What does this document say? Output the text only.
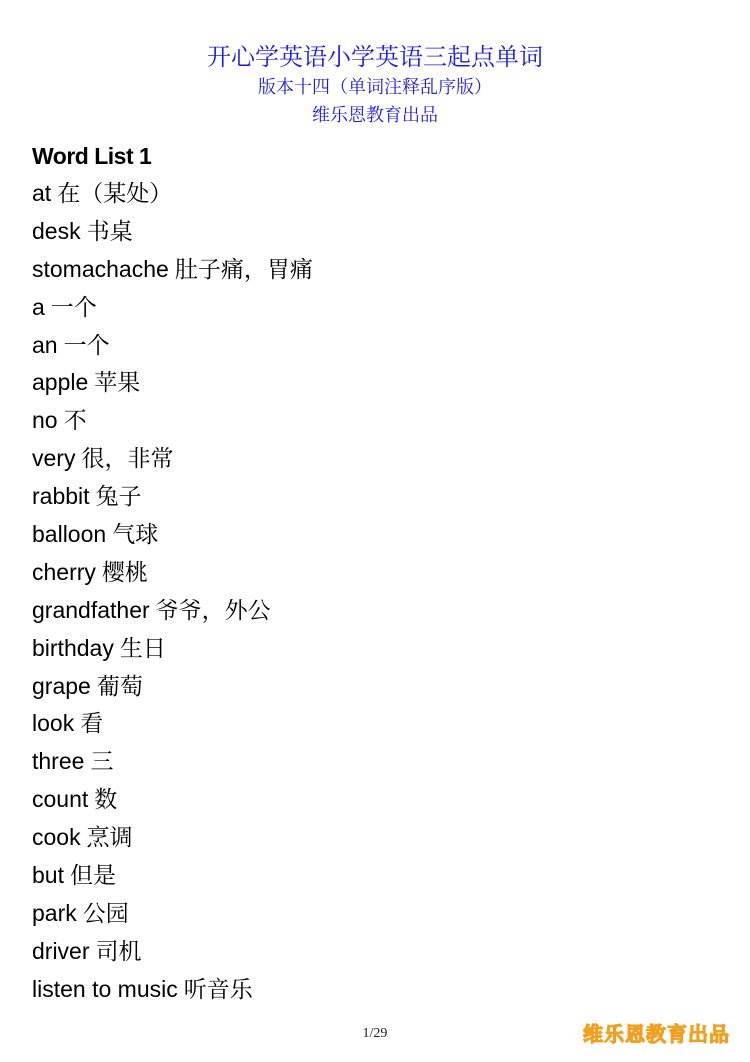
开心学英语小学英语三起点单词
版本十四（单词注释乱序版）
维乐恩教育出品
Word List 1
at 在（某处）
desk 书桌
stomachache 肚子痛，胃痛
a 一个
an 一个
apple 苹果
no 不
very 很，非常
rabbit 兔子
balloon 气球
cherry 樱桃
grandfather 爷爷，外公
birthday 生日
grape 葡萄
look 看
three 三
count 数
cook 烹调
but 但是
park 公园
driver 司机
listen to music 听音乐
1/29	维乐恩教育出品
